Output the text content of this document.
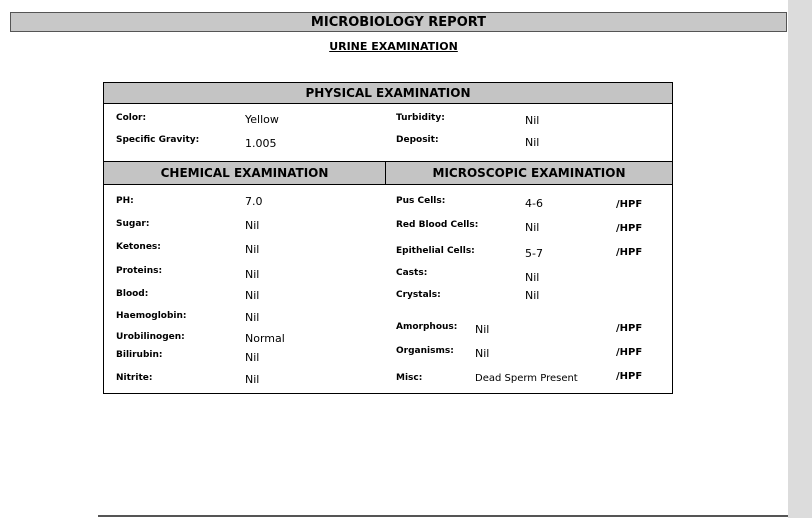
MICROBIOLOGY REPORT
URINE EXAMINATION
PHYSICAL EXAMINATION
Color:	Yellow
Specific Gravity:	1.005
Turbidity:	Nil
Deposit:	Nil
CHEMICAL EXAMINATION	MICROSCOPIC EXAMINATION
PH:	7.0
Sugar:	Nil
Ketones:	Nil
Proteins:	Nil
Blood:	Nil
Haemoglobin:	Nil
Urobilinogen:	Normal
Bilirubin:	Nil
Nitrite:	Nil
Pus Cells:	4-6	/HPF
Red Blood Cells:	Nil	/HPF
Epithelial Cells:	5-7	/HPF
Casts:	Nil
Crystals:	Nil
Amorphous: Nil	/HPF
Organisms: Nil	/HPF
Misc:	Dead Sperm Present	/HPF
